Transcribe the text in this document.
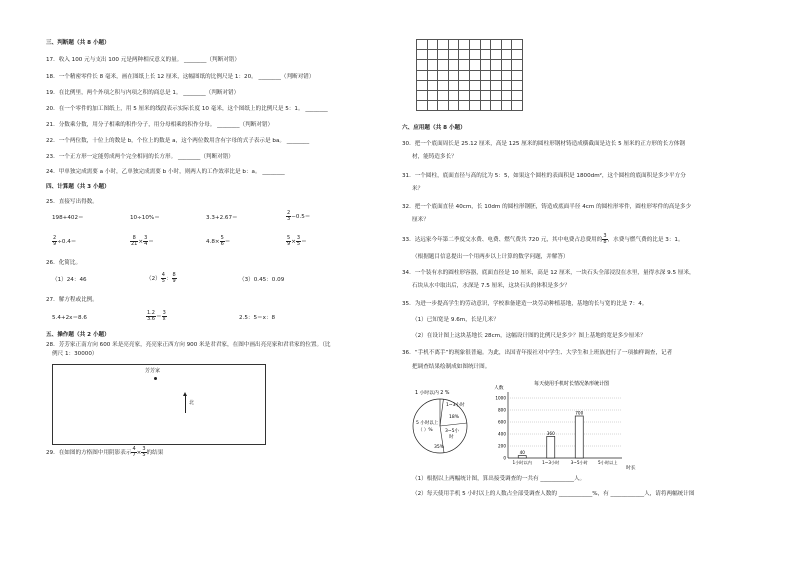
三、判断题（共 8 小题）
17．收入 100 元与支出 100 元是两种相反意义的量。 ________（判断对错）
18．一个精密零件长 8 毫米，画在图纸上长 12 厘米，这幅图纸的比例尺是 1：20。 ________（判断对错）
19．在比例里，两个外项之积与内项之积的商总是 1。 ________（判断对错）
20．在一个零件的加工图纸上，用 5 厘米的线段表示实际长度 10 毫米，这个图纸上的比例尺是 5：1。 ________
21．分数乘分数，用分子相乘的积作分子，用分母相乘的积作分母。 ________（判断对错）
22．一个两位数，十位上的数是 b，个位上的数是 a，这个两位数用含有字母的式子表示是 ba。 ________
23．一个正方形一定能剪成两个完全相同的长方形。 ________（判断对错）
24．甲单独完成需要 a 小时，乙单独完成需要 b 小时，则两人的工作效率比是 b：a。 ________
四、计算题（共 3 小题）
25．直接写出得数。
198+402＝	10÷10%＝	3.3+2.67＝	$\frac{2}{3} -0.5=$
$\frac{2}{9} \div 0.4=$	$\frac{8}{21} \times \frac{3}{4}$ ＝	$4.8\times \frac{5}{6}$ ＝	$\frac{5}{9} \times \frac{3}{5}$ ＝
26．化简比。
（1）24：46	$(2) \frac{4}{5}$ ： $\frac{8}{9}$	（3）0.45：0.09
27．解方程或比例。
5.4+2x＝8.6	$\frac{1.2}{3.6} = \frac{3}{x}$	2.5：5＝x：8
五、操作题（共 2 小题）
28．芳芳家正南方向 600 米是亮亮家，亮亮家正西方向 900 米是君君家，在图中画出亮亮家和君君家的位置。（比
例尺 1：30000）
芳芳家
北
29．在如图的方格图中用阴影表示 $\frac{4}{7} \times \frac{3}{5}$ 的结果

六、应用题（共 8 小题）
30．把一个底面周长是 25.12 厘米，高是 125 厘米的圆柱形钢材铸造成横截面是边长 5 厘米的正方形的长方体钢
材，能铸造多长？
31．一个圆柱，底面直径与高的比为 5：5，如果这个圆柱的表面积是 1800dm²，这个圆柱的底面积是多少平方分
米？
32．把一个底面直径 40cm，长 10dm 的圆柱形钢胚，铸造成底面半径 4cm 的圆柱形零件，圆柱形零件的高是多少
厘米？
33．达远家今年第二季度交水费、电费、燃气费共 720 元，其中电费占总费用的 $\frac{3}{8}$ ，水费与燃气费的比是 3：1。
（根据题目信息提出一个用两步以上计算的数学问题，并解答）
34．一个装有水的圆柱形容器，底面直径是 10 厘米，高是 12 厘米，一块石头全部浸没在水里，量得水深 9.5 厘米，
石块从水中取出后，水深是 7.5 厘米，这块石头的体积是多少？
35．为进一步提高学生的劳动意识，学校准备建造一块劳动种植基地，基地的长与宽的比是 7：4。
（1）已知宽是 9.6m，长是几米？
（2）在设计图上这块基地长 28cm，这幅设计图的比例尺是多少？图上基地的宽是多少厘米？
36．“手机不离手”的现象很普遍。为此，出国青年报社对中学生、大学生和上班族进行了一项抽样调查，记者
把调查结果绘制成如图统计图。
（1）根据以上两幅统计图，算出接受调查的一共有 ____________人。
（2）每天使用手机 5 小时以上的人数占全部受调查人数的 ____________%，有 ____________人，请将两幅统计图
1 小时以内 2 %
1~3小时
18%
5 小时以上
（ ）%	3~5小
时
35%
每天使用手机时长情况条形统计图
人数
时长
1000
800
600
400
200
0
1小时以内
40
1~3小时
360
3~5小时
700
5小时以上
